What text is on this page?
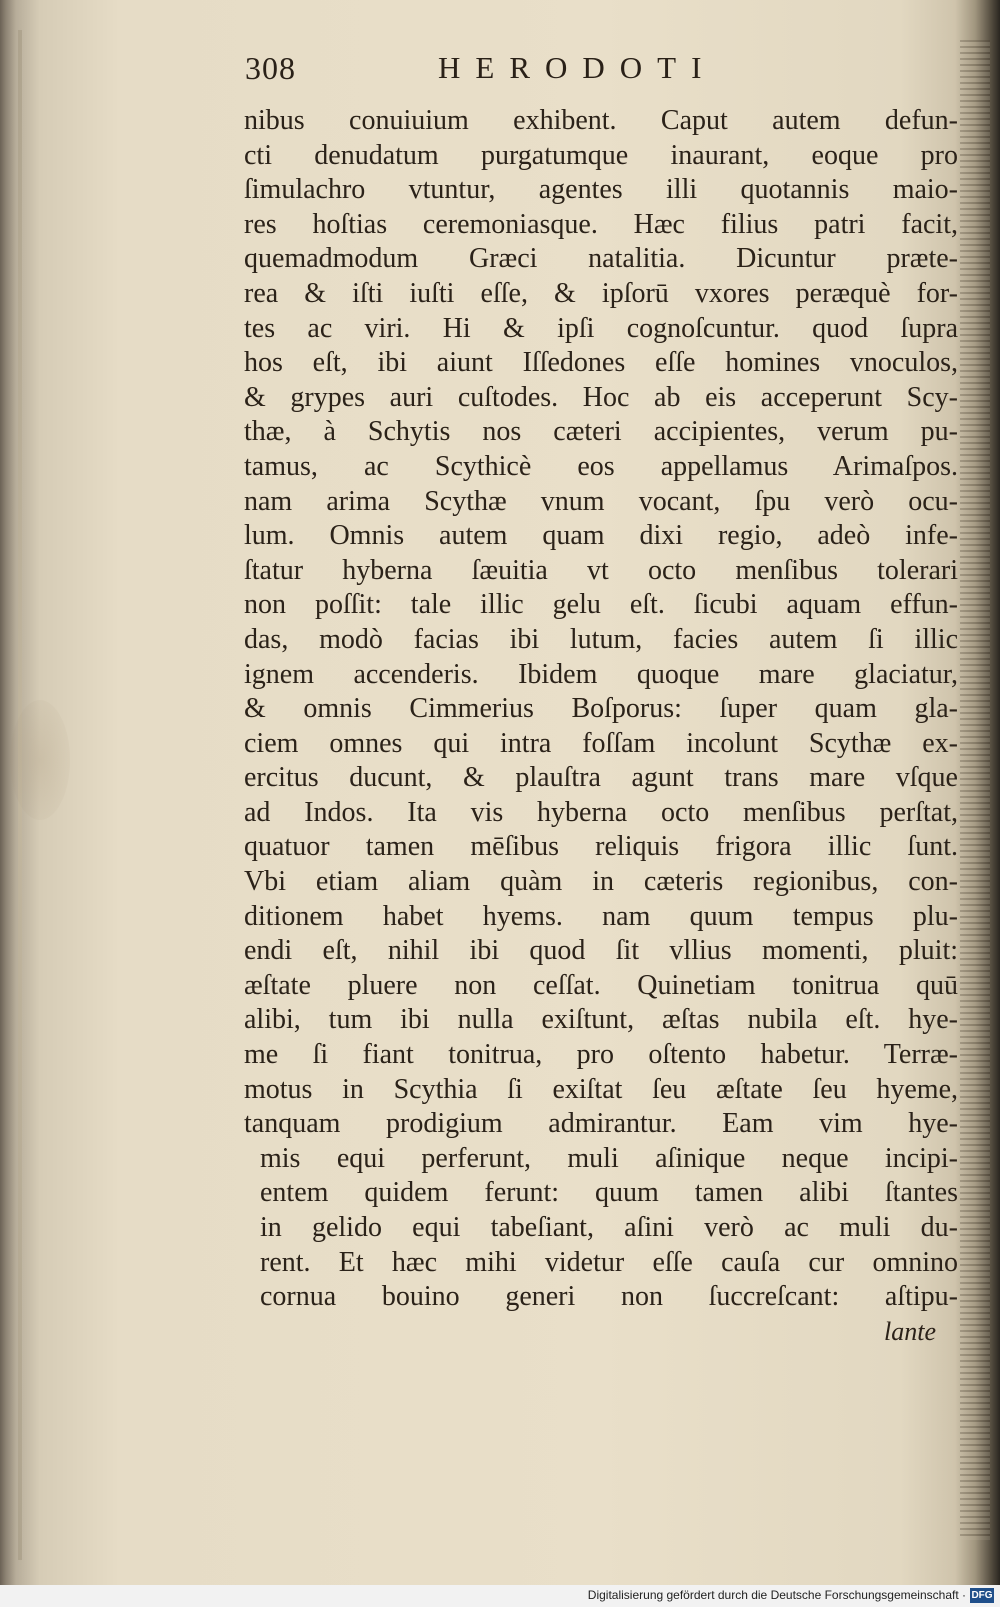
308	HERODOTI
nibus conuiuium exhibent. Caput autem defun-
cti denudatum purgatumque inaurant, eoque pro
ſimulachro vtuntur, agentes illi quotannis maio-
res hoſtias ceremoniasque. Hæc filius patri facit,
quemadmodum Græci natalitia. Dicuntur præte-
rea & iſti iuſti eſſe, & ipſorū vxores peræquè for-
tes ac viri. Hi & ipſi cognoſcuntur. quod ſupra
hos eſt, ibi aiunt Iſſedones eſſe homines vnoculos,
& grypes auri cuſtodes. Hoc ab eis acceperunt Scy-
thæ, à Schytis nos cæteri accipientes, verum pu-
tamus, ac Scythicè eos appellamus Arimaſpos.
nam arima Scythæ vnum vocant, ſpu verò ocu-
lum. Omnis autem quam dixi regio, adeò infe-
ſtatur hyberna ſæuitia vt octo menſibus tolerari
non poſſit: tale illic gelu eſt. ſicubi aquam effun-
das, modò facias ibi lutum, facies autem ſi illic
ignem accenderis. Ibidem quoque mare glaciatur,
& omnis Cimmerius Boſporus: ſuper quam gla-
ciem omnes qui intra foſſam incolunt Scythæ ex-
ercitus ducunt, & plauſtra agunt trans mare vſque
ad Indos. Ita vis hyberna octo menſibus perſtat,
quatuor tamen mēſibus reliquis frigora illic ſunt.
Vbi etiam aliam quàm in cæteris regionibus, con-
ditionem habet hyems. nam quum tempus plu-
endi eſt, nihil ibi quod ſit vllius momenti, pluit:
æſtate pluere non ceſſat. Quinetiam tonitrua quū
alibi, tum ibi nulla exiſtunt, æſtas nubila eſt. hye-
me ſi fiant tonitrua, pro oſtento habetur. Terræ-
motus in Scythia ſi exiſtat ſeu æſtate ſeu hyeme,
tanquam prodigium admirantur. Eam vim hye-
mis equi perferunt, muli aſinique neque incipi-
entem quidem ferunt: quum tamen alibi ſtantes
in gelido equi tabeſiant, aſini verò ac muli du-
rent. Et hæc mihi videtur eſſe cauſa cur omnino
cornua bouino generi non ſuccreſcant: aſtipu-
lante
Digitalisierung gefördert durch die Deutsche Forschungsgemeinschaft · DFG
